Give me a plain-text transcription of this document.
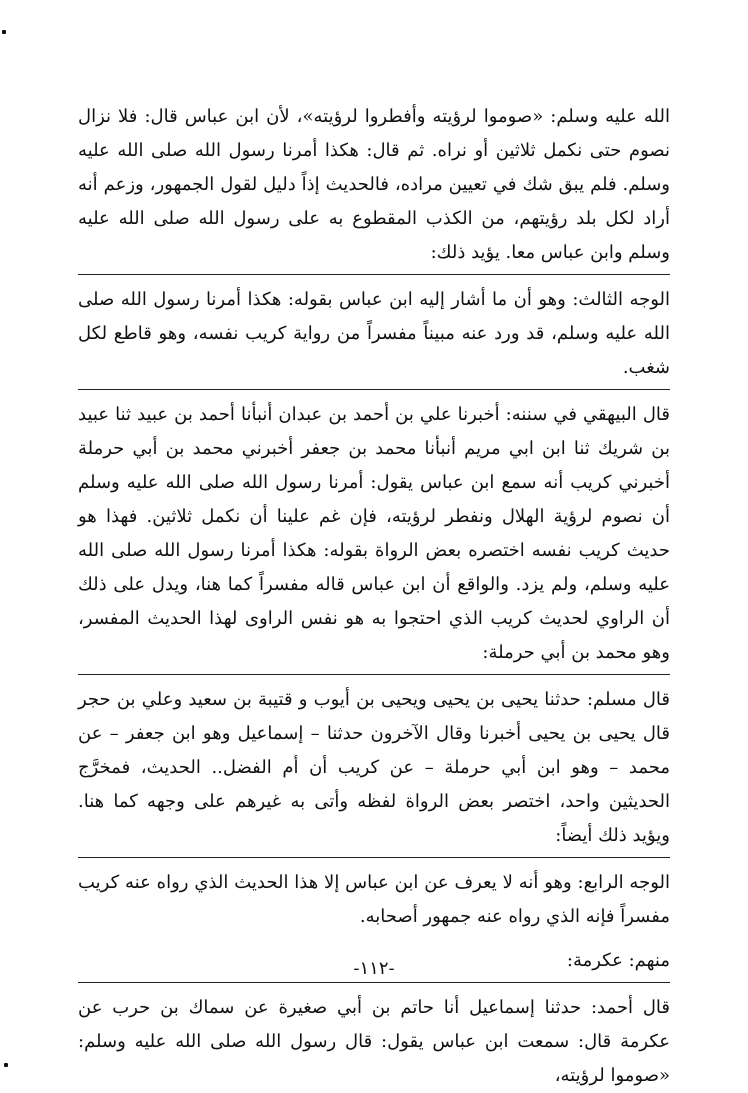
الله عليه وسلم: «صوموا لرؤيته وأفطروا لرؤيته»، لأن ابن عباس قال: فلا نزال نصوم حتى نكمل ثلاثين أو نراه. ثم قال: هكذا أمرنا رسول الله صلى الله عليه وسلم. فلم يبق شك في تعيين مراده، فالحديث إذاً دليل لقول الجمهور، وزعم أنه أراد لكل بلد رؤيتهم، من الكذب المقطوع به على رسول الله صلى الله عليه وسلم وابن عباس معا. يؤيد ذلك:

الوجه الثالث: وهو أن ما أشار إليه ابن عباس بقوله: هكذا أمرنا رسول الله صلى الله عليه وسلم، قد ورد عنه مبيناً مفسراً من رواية كريب نفسه، وهو قاطع لكل شغب.

قال البيهقي في سننه: أخبرنا علي بن أحمد بن عبدان أنبأنا أحمد بن عبيد ثنا عبيد بن شريك ثنا ابن ابي مريم أنبأنا محمد بن جعفر أخبرني محمد بن أبي حرملة أخبرني كريب أنه سمع ابن عباس يقول: أمرنا رسول الله صلى الله عليه وسلم أن نصوم لرؤية الهلال ونفطر لرؤيته، فإن غم علينا أن نكمل ثلاثين. فهذا هو حديث كريب نفسه اختصره بعض الرواة بقوله: هكذا أمرنا رسول الله صلى الله عليه وسلم، ولم يزد. والواقع أن ابن عباس قاله مفسراً كما هنا، ويدل على ذلك أن الراوي لحديث كريب الذي احتجوا به هو نفس الراوى لهذا الحديث المفسر، وهو محمد بن أبي حرملة:

قال مسلم: حدثنا يحيى بن يحيى ويحيى بن أيوب و قتيبة بن سعيد وعلي بن حجر قال يحيى بن يحيى أخبرنا وقال الآخرون حدثنا – إسماعيل وهو ابن جعفر – عن محمد – وهو ابن أبي حرملة – عن كريب أن أم الفضل.. الحديث، فمخرَّج الحديثين واحد، اختصر بعض الرواة لفظه وأتى به غيرهم على وجهه كما هنا. ويؤيد ذلك أيضاً:

الوجه الرابع: وهو أنه لا يعرف عن ابن عباس إلا هذا الحديث الذي رواه عنه كريب مفسراً فإنه الذي رواه عنه جمهور أصحابه.

منهم: عكرمة:

قال أحمد: حدثنا إسماعيل أنا حاتم بن أبي صغيرة عن سماك بن حرب عن عكرمة قال: سمعت ابن عباس يقول: قال رسول الله صلى الله عليه وسلم: «صوموا لرؤيته،

-١١٢-
